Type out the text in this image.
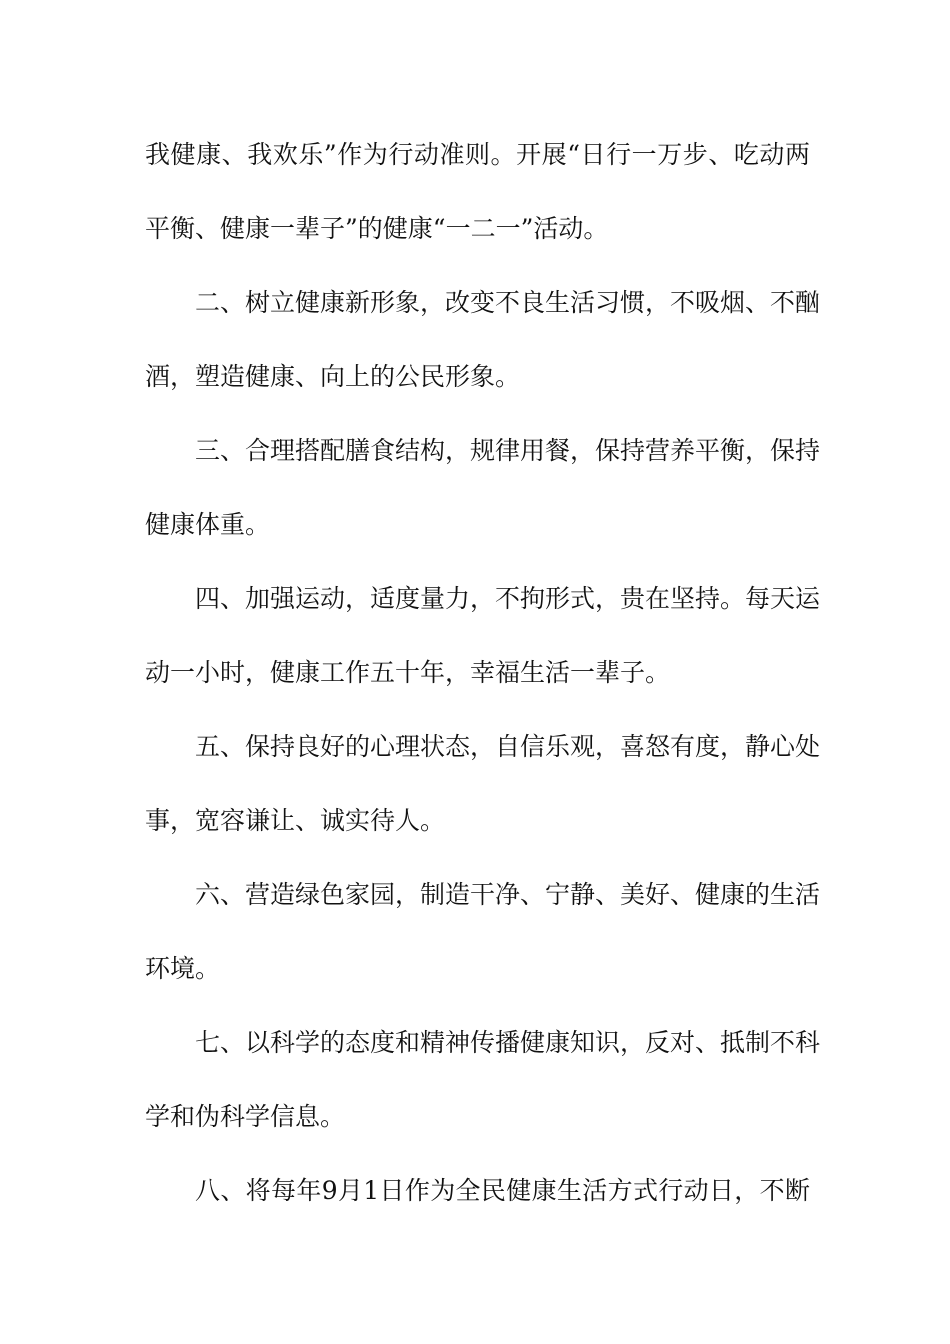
我健康、我欢乐”作为行动准则。开展“日行一万步、吃动两
平衡、健康一辈子”的健康“一二一”活动。
二、树立健康新形象，改变不良生活习惯，不吸烟、不酗
酒，塑造健康、向上的公民形象。
三、合理搭配膳食结构，规律用餐，保持营养平衡，保持
健康体重。
四、加强运动，适度量力，不拘形式，贵在坚持。每天运
动一小时，健康工作五十年，幸福生活一辈子。
五、保持良好的心理状态，自信乐观，喜怒有度，静心处
事，宽容谦让、诚实待人。
六、营造绿色家园，制造干净、宁静、美好、健康的生活
环境。
七、以科学的态度和精神传播健康知识，反对、抵制不科
学和伪科学信息。
八、将每年9月1日作为全民健康生活方式行动日，不断
